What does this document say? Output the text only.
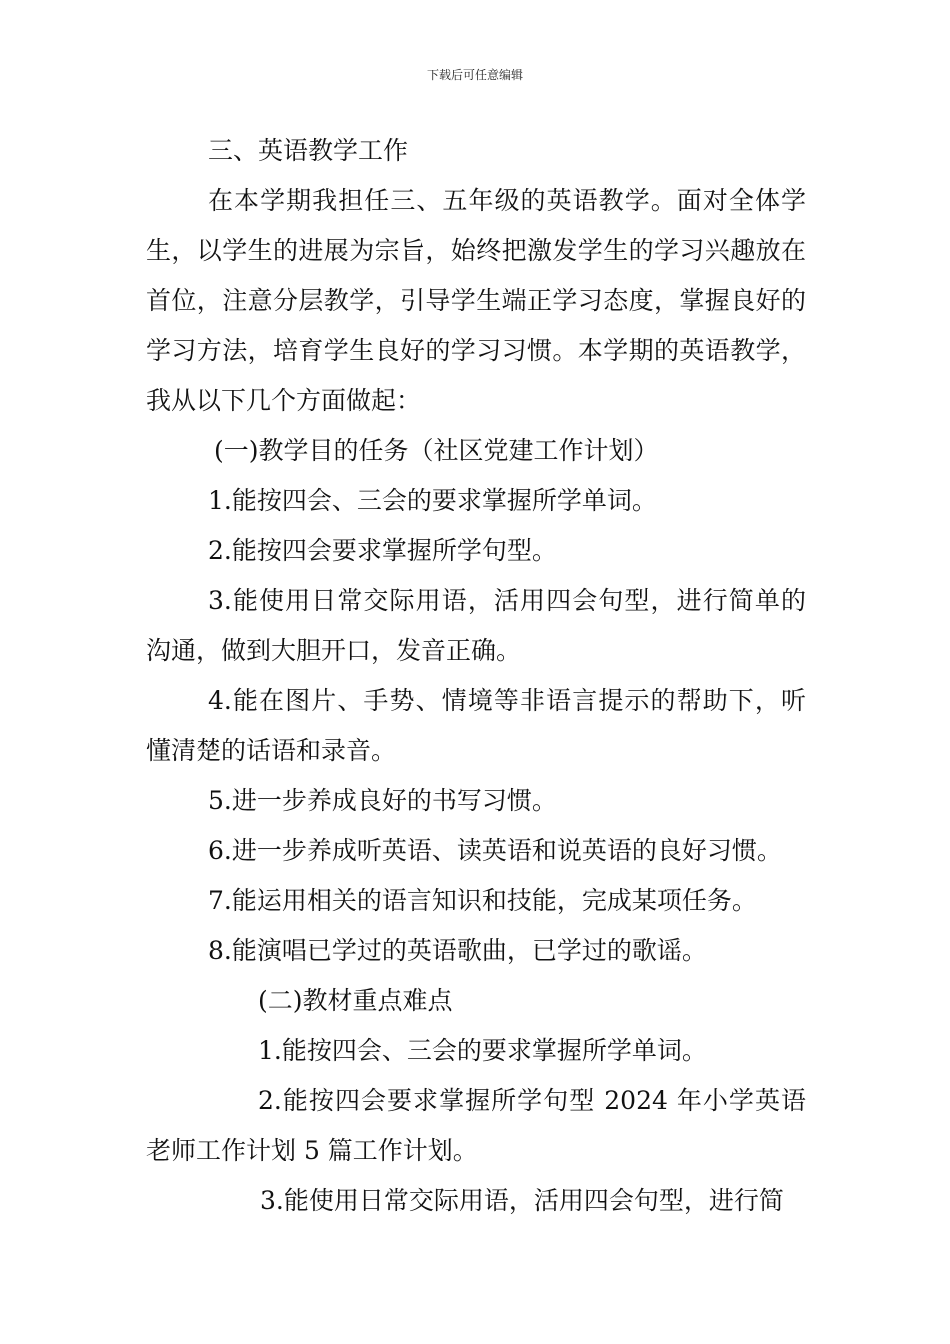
下载后可任意编辑

三、英语教学工作

在本学期我担任三、五年级的英语教学。面对全体学生，以学生的进展为宗旨，始终把激发学生的学习兴趣放在首位，注意分层教学，引导学生端正学习态度，掌握良好的学习方法，培育学生良好的学习习惯。本学期的英语教学，我从以下几个方面做起：

(一)教学目的任务（社区党建工作计划）

1.能按四会、三会的要求掌握所学单词。

2.能按四会要求掌握所学句型。

3.能使用日常交际用语，活用四会句型，进行简单的沟通，做到大胆开口，发音正确。

4.能在图片、手势、情境等非语言提示的帮助下，听懂清楚的话语和录音。

5.进一步养成良好的书写习惯。

6.进一步养成听英语、读英语和说英语的良好习惯。

7.能运用相关的语言知识和技能，完成某项任务。

8.能演唱已学过的英语歌曲，已学过的歌谣。

(二)教材重点难点

1.能按四会、三会的要求掌握所学单词。

2.能按四会要求掌握所学句型 2024 年小学英语老师工作计划 5 篇工作计划。

3.能使用日常交际用语，活用四会句型，进行简
